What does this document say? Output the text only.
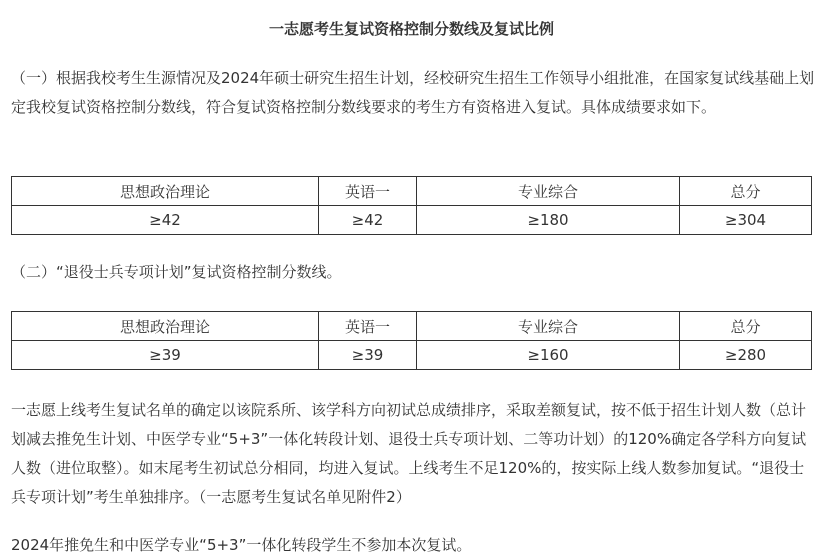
一志愿考生复试资格控制分数线及复试比例
（一）根据我校考生生源情况及2024年硕士研究生招生计划，经校研究生招生工作领导小组批准，在国家复试线基础上划定我校复试资格控制分数线，符合复试资格控制分数线要求的考生方有资格进入复试。具体成绩要求如下。
思想政治理论	英语一	专业综合	总分
≥42	≥42	≥180	≥304
（二）“退役士兵专项计划”复试资格控制分数线。
思想政治理论	英语一	专业综合	总分
≥39	≥39	≥160	≥280
一志愿上线考生复试名单的确定以该院系所、该学科方向初试总成绩排序，采取差额复试，按不低于招生计划人数（总计划减去推免生计划、中医学专业“5+3”一体化转段计划、退役士兵专项计划、二等功计划）的120%确定各学科方向复试人数（进位取整）。如末尾考生初试总分相同，均进入复试。上线考生不足120%的，按实际上线人数参加复试。“退役士兵专项计划”考生单独排序。（一志愿考生复试名单见附件2）
2024年推免生和中医学专业“5+3”一体化转段学生不参加本次复试。
